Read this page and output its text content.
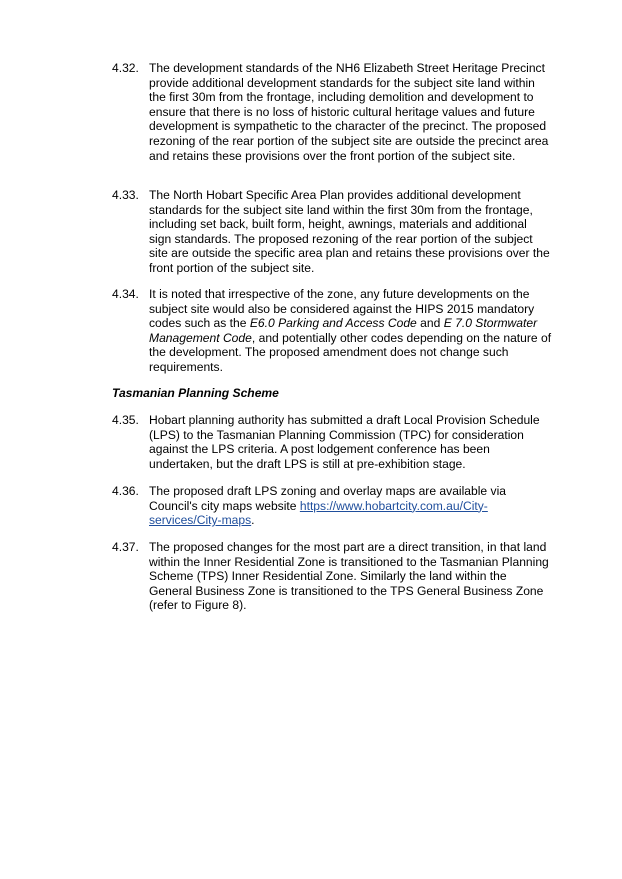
4.32. The development standards of the NH6 Elizabeth Street Heritage Precinct provide additional development standards for the subject site land within the first 30m from the frontage, including demolition and development to ensure that there is no loss of historic cultural heritage values and future development is sympathetic to the character of the precinct. The proposed rezoning of the rear portion of the subject site are outside the precinct area and retains these provisions over the front portion of the subject site.
4.33. The North Hobart Specific Area Plan provides additional development standards for the subject site land within the first 30m from the frontage, including set back, built form, height, awnings, materials and additional sign standards. The proposed rezoning of the rear portion of the subject site are outside the specific area plan and retains these provisions over the front portion of the subject site.
4.34. It is noted that irrespective of the zone, any future developments on the subject site would also be considered against the HIPS 2015 mandatory codes such as the E6.0 Parking and Access Code and E 7.0 Stormwater Management Code, and potentially other codes depending on the nature of the development. The proposed amendment does not change such requirements.
Tasmanian Planning Scheme
4.35. Hobart planning authority has submitted a draft Local Provision Schedule (LPS) to the Tasmanian Planning Commission (TPC) for consideration against the LPS criteria. A post lodgement conference has been undertaken, but the draft LPS is still at pre-exhibition stage.
4.36. The proposed draft LPS zoning and overlay maps are available via Council's city maps website https://www.hobartcity.com.au/City-services/City-maps.
4.37. The proposed changes for the most part are a direct transition, in that land within the Inner Residential Zone is transitioned to the Tasmanian Planning Scheme (TPS) Inner Residential Zone. Similarly the land within the General Business Zone is transitioned to the TPS General Business Zone (refer to Figure 8).
